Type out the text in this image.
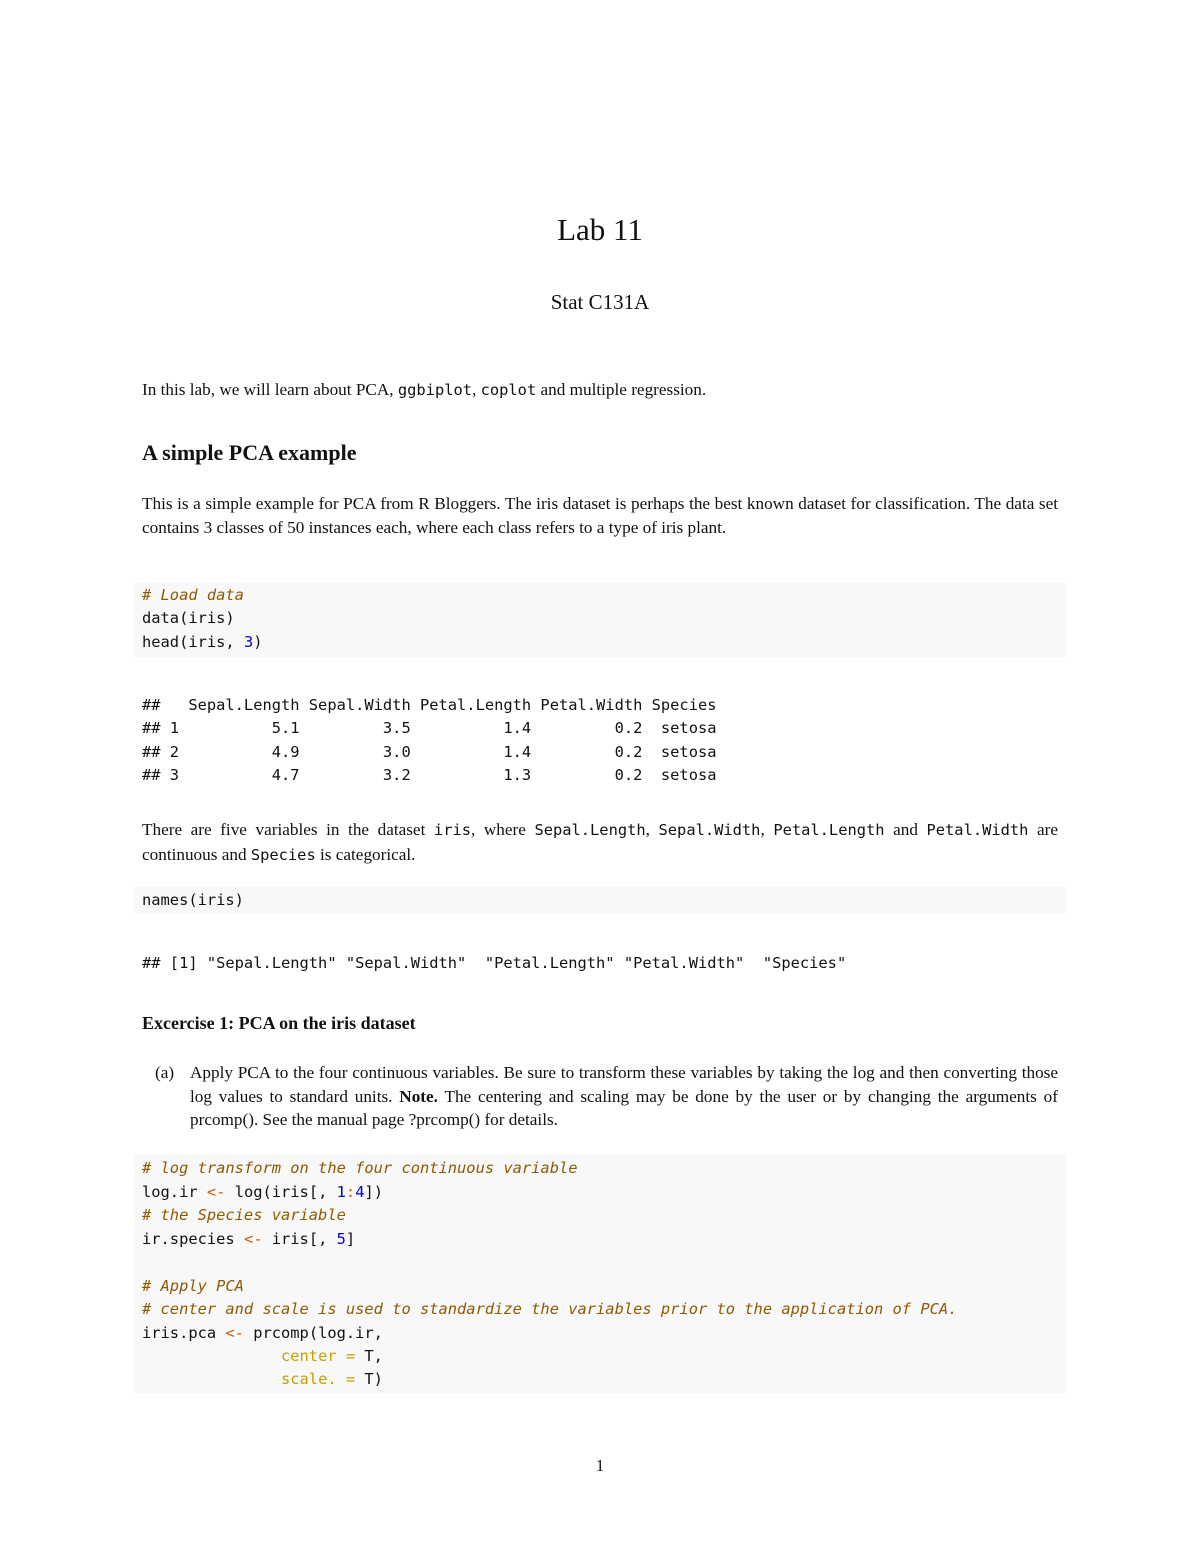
Lab 11
Stat C131A
In this lab, we will learn about PCA, ggbiplot, coplot and multiple regression.
A simple PCA example
This is a simple example for PCA from R Bloggers. The iris dataset is perhaps the best known dataset for classification. The data set contains 3 classes of 50 instances each, where each class refers to a type of iris plant.
# Load data
data(iris)
head(iris, 3)
##   Sepal.Length Sepal.Width Petal.Length Petal.Width Species
## 1          5.1         3.5          1.4         0.2  setosa
## 2          4.9         3.0          1.4         0.2  setosa
## 3          4.7         3.2          1.3         0.2  setosa
There are five variables in the dataset iris, where Sepal.Length, Sepal.Width, Petal.Length and Petal.Width are continuous and Species is categorical.
names(iris)
## [1] "Sepal.Length" "Sepal.Width"  "Petal.Length" "Petal.Width"  "Species"
Excercise 1: PCA on the iris dataset
(a) Apply PCA to the four continuous variables. Be sure to transform these variables by taking the log and then converting those log values to standard units. Note. The centering and scaling may be done by the user or by changing the arguments of prcomp(). See the manual page ?prcomp() for details.
# log transform on the four continuous variable
log.ir <- log(iris[, 1:4])
# the Species variable
ir.species <- iris[, 5]
# Apply PCA
# center and scale is used to standardize the variables prior to the application of PCA.
iris.pca <- prcomp(log.ir,
center = T,
scale. = T)
1
